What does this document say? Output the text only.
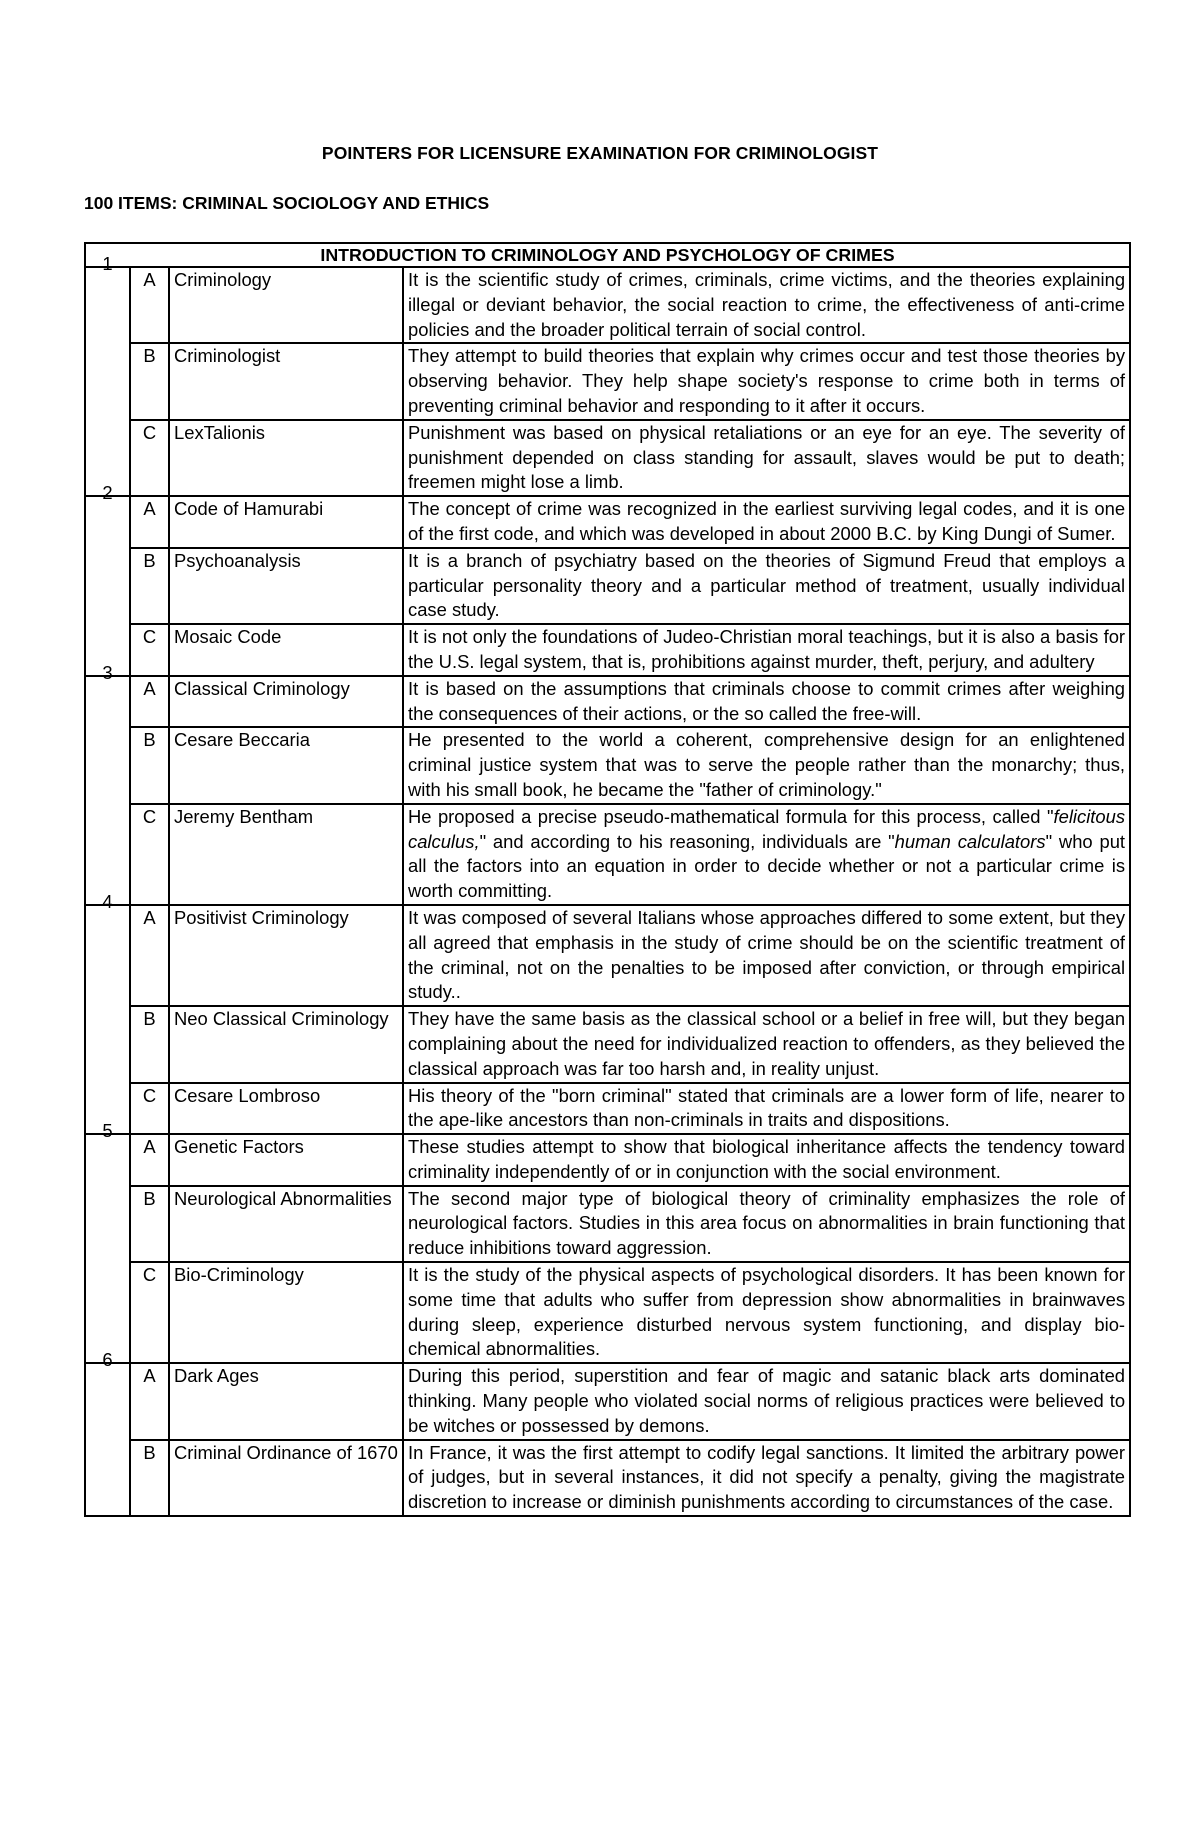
POINTERS FOR LICENSURE EXAMINATION FOR CRIMINOLOGIST
100 ITEMS: CRIMINAL SOCIOLOGY AND ETHICS
INTRODUCTION TO CRIMINOLOGY AND PSYCHOLOGY OF CRIMES			
1	A	Criminology	It is the scientific study of crimes, criminals, crime victims, and the theories explaining illegal or deviant behavior, the social reaction to crime, the effectiveness of anti-crime policies and the broader political terrain of social control.
	B	Criminologist	They attempt to build theories that explain why crimes occur and test those theories by observing behavior. They help shape society's response to crime both in terms of preventing criminal behavior and responding to it after it occurs.
	C	LexTalionis	Punishment was based on physical retaliations or an eye for an eye. The severity of punishment depended on class standing for assault, slaves would be put to death; freemen might lose a limb.
2	A	Code of Hamurabi	The concept of crime was recognized in the earliest surviving legal codes, and it is one of the first code, and which was developed in about 2000 B.C. by King Dungi of Sumer.
	B	Psychoanalysis	It is a branch of psychiatry based on the theories of Sigmund Freud that employs a particular personality theory and a particular method of treatment, usually individual case study.
	C	Mosaic Code	It is not only the foundations of Judeo-Christian moral teachings, but it is also a basis for the U.S. legal system, that is, prohibitions against murder, theft, perjury, and adultery
3	A	Classical Criminology	It is based on the assumptions that criminals choose to commit crimes after weighing the consequences of their actions, or the so called the free-will.
	B	Cesare Beccaria	He presented to the world a coherent, comprehensive design for an enlightened criminal justice system that was to serve the people rather than the monarchy; thus, with his small book, he became the "father of criminology."
	C	Jeremy Bentham	He proposed a precise pseudo-mathematical formula for this process, called "felicitous calculus," and according to his reasoning, individuals are "human calculators" who put all the factors into an equation in order to decide whether or not a particular crime is worth committing.
4	A	Positivist Criminology	It was composed of several Italians whose approaches differed to some extent, but they all agreed that emphasis in the study of crime should be on the scientific treatment of the criminal, not on the penalties to be imposed after conviction, or through empirical study..
	B	Neo Classical Criminology	They have the same basis as the classical school or a belief in free will, but they began complaining about the need for individualized reaction to offenders, as they believed the classical approach was far too harsh and, in reality unjust.
	C	Cesare Lombroso	His theory of the "born criminal" stated that criminals are a lower form of life, nearer to the ape-like ancestors than non-criminals in traits and dispositions.
5	A	Genetic Factors	These studies attempt to show that biological inheritance affects the tendency toward criminality independently of or in conjunction with the social environment.
	B	Neurological Abnormalities	The second major type of biological theory of criminality emphasizes the role of neurological factors. Studies in this area focus on abnormalities in brain functioning that reduce inhibitions toward aggression.
	C	Bio-Criminology	It is the study of the physical aspects of psychological disorders. It has been known for some time that adults who suffer from depression show abnormalities in brainwaves during sleep, experience disturbed nervous system functioning, and display bio-chemical abnormalities.
6	A	Dark Ages	During this period, superstition and fear of magic and satanic black arts dominated thinking. Many people who violated social norms of religious practices were believed to be witches or possessed by demons.
	B	Criminal Ordinance of 1670	In France, it was the first attempt to codify legal sanctions. It limited the arbitrary power of judges, but in several instances, it did not specify a penalty, giving the magistrate discretion to increase or diminish punishments according to circumstances of the case.
